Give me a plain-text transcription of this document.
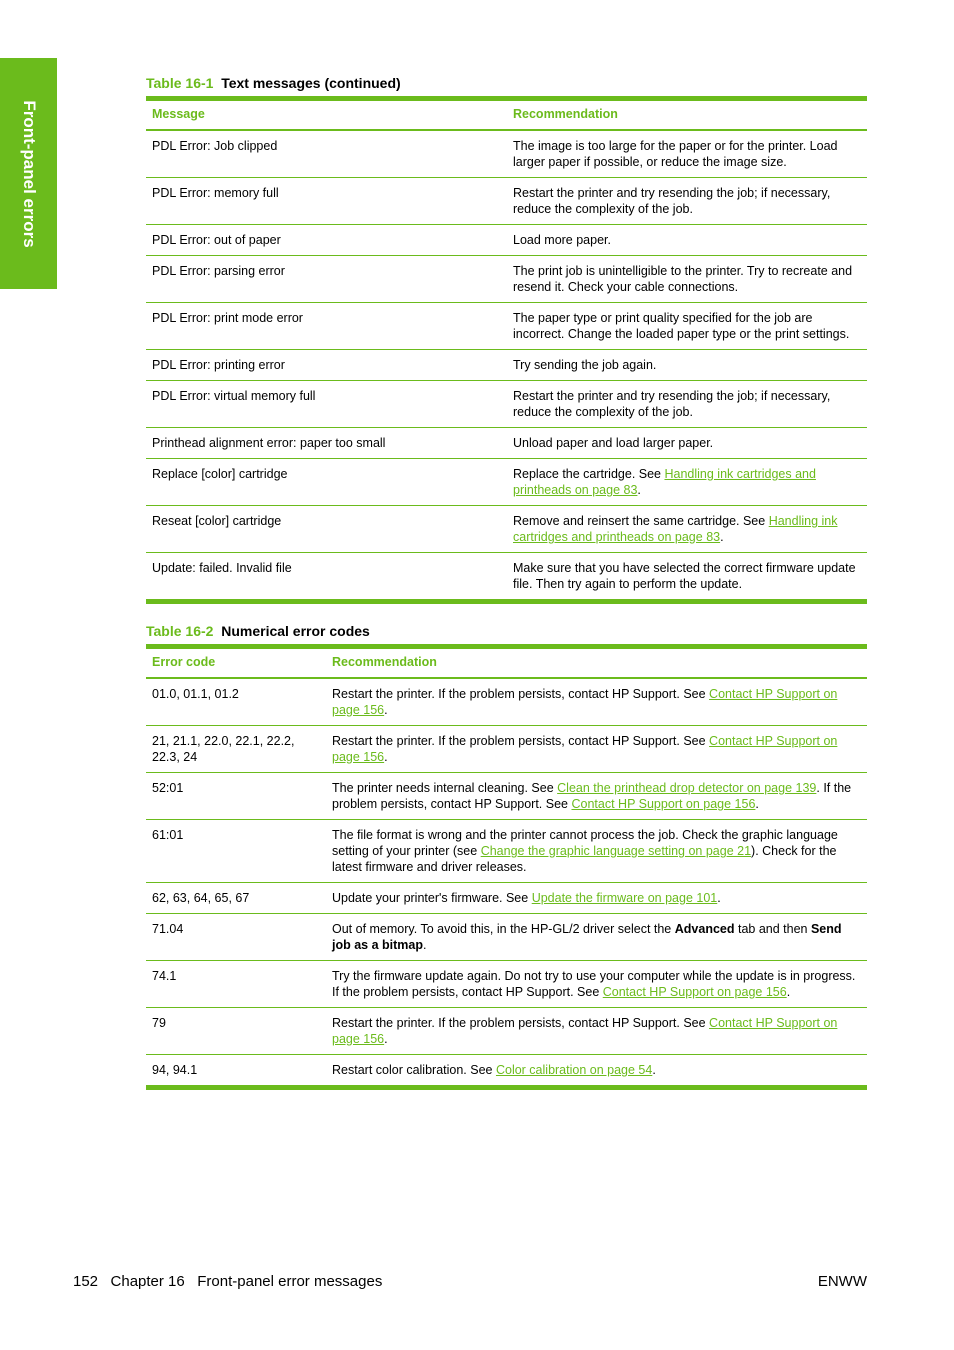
Front-panel errors
Table 16-1 Text messages (continued)
Message	Recommendation
PDL Error: Job clipped	The image is too large for the paper or for the printer. Load larger paper if possible, or reduce the image size.
PDL Error: memory full	Restart the printer and try resending the job; if necessary, reduce the complexity of the job.
PDL Error: out of paper	Load more paper.
PDL Error: parsing error	The print job is unintelligible to the printer. Try to recreate and resend it. Check your cable connections.
PDL Error: print mode error	The paper type or print quality specified for the job are incorrect. Change the loaded paper type or the print settings.
PDL Error: printing error	Try sending the job again.
PDL Error: virtual memory full	Restart the printer and try resending the job; if necessary, reduce the complexity of the job.
Printhead alignment error: paper too small	Unload paper and load larger paper.
Replace [color] cartridge	Replace the cartridge. See Handling ink cartridges and printheads on page 83.
Reseat [color] cartridge	Remove and reinsert the same cartridge. See Handling ink cartridges and printheads on page 83.
Update: failed. Invalid file	Make sure that you have selected the correct firmware update file. Then try again to perform the update.
Table 16-2 Numerical error codes
Error code	Recommendation
01.0, 01.1, 01.2	Restart the printer. If the problem persists, contact HP Support. See Contact HP Support on page 156.
21, 21.1, 22.0, 22.1, 22.2, 22.3, 24	Restart the printer. If the problem persists, contact HP Support. See Contact HP Support on page 156.
52:01	The printer needs internal cleaning. See Clean the printhead drop detector on page 139. If the problem persists, contact HP Support. See Contact HP Support on page 156.
61:01	The file format is wrong and the printer cannot process the job. Check the graphic language setting of your printer (see Change the graphic language setting on page 21). Check for the latest firmware and driver releases.
62, 63, 64, 65, 67	Update your printer's firmware. See Update the firmware on page 101.
71.04	Out of memory. To avoid this, in the HP-GL/2 driver select the Advanced tab and then Send job as a bitmap.
74.1	Try the firmware update again. Do not try to use your computer while the update is in progress. If the problem persists, contact HP Support. See Contact HP Support on page 156.
79	Restart the printer. If the problem persists, contact HP Support. See Contact HP Support on page 156.
94, 94.1	Restart color calibration. See Color calibration on page 54.
152   Chapter 16   Front-panel error messages	ENWW
